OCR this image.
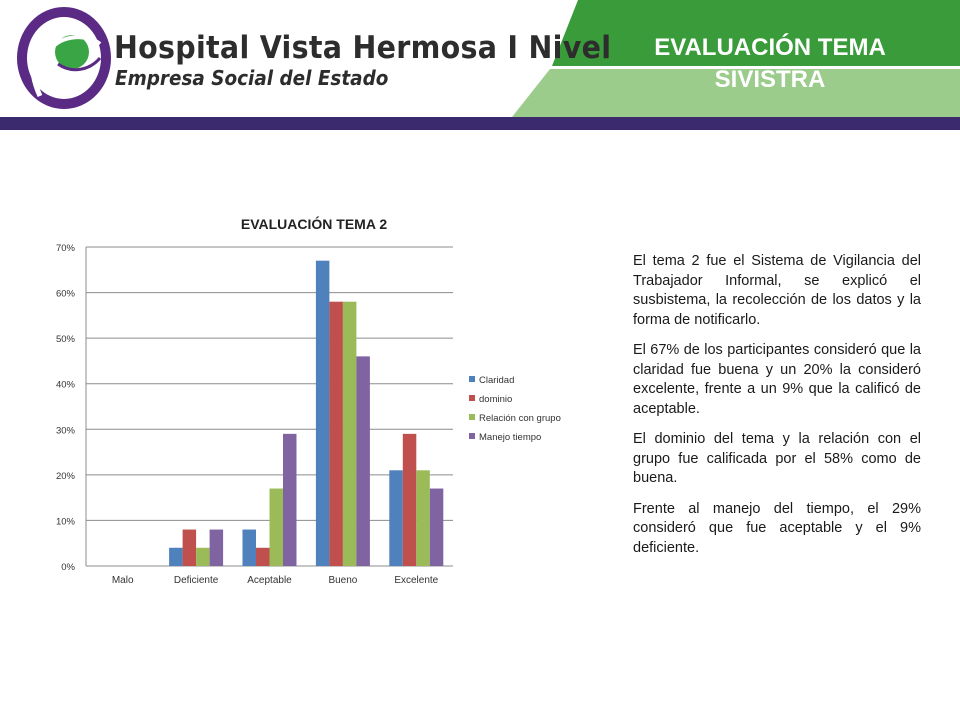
Hospital Vista Hermosa I Nivel
Empresa Social del Estado
EVALUACIÓN TEMA
SIVISTRA
EVALUACIÓN TEMA 2
0%
10%
20%
30%
40%
50%
60%
70%
Malo	Deficiente	Aceptable	Bueno	Excelente
Claridad
dominio
Relación con grupo
Manejo tiempo

El tema 2 fue el Sistema de Vigilancia del Trabajador Informal, se explicó el susbistema, la recolección de los datos y la forma de notificarlo.

El 67% de los participantes consideró que la claridad fue buena y un 20% la consideró excelente, frente a un 9% que la calificó de aceptable.

El dominio del tema y la relación con el grupo fue calificada por el 58% como de buena.

Frente al manejo del tiempo, el 29% consideró que fue aceptable y el 9% deficiente.
